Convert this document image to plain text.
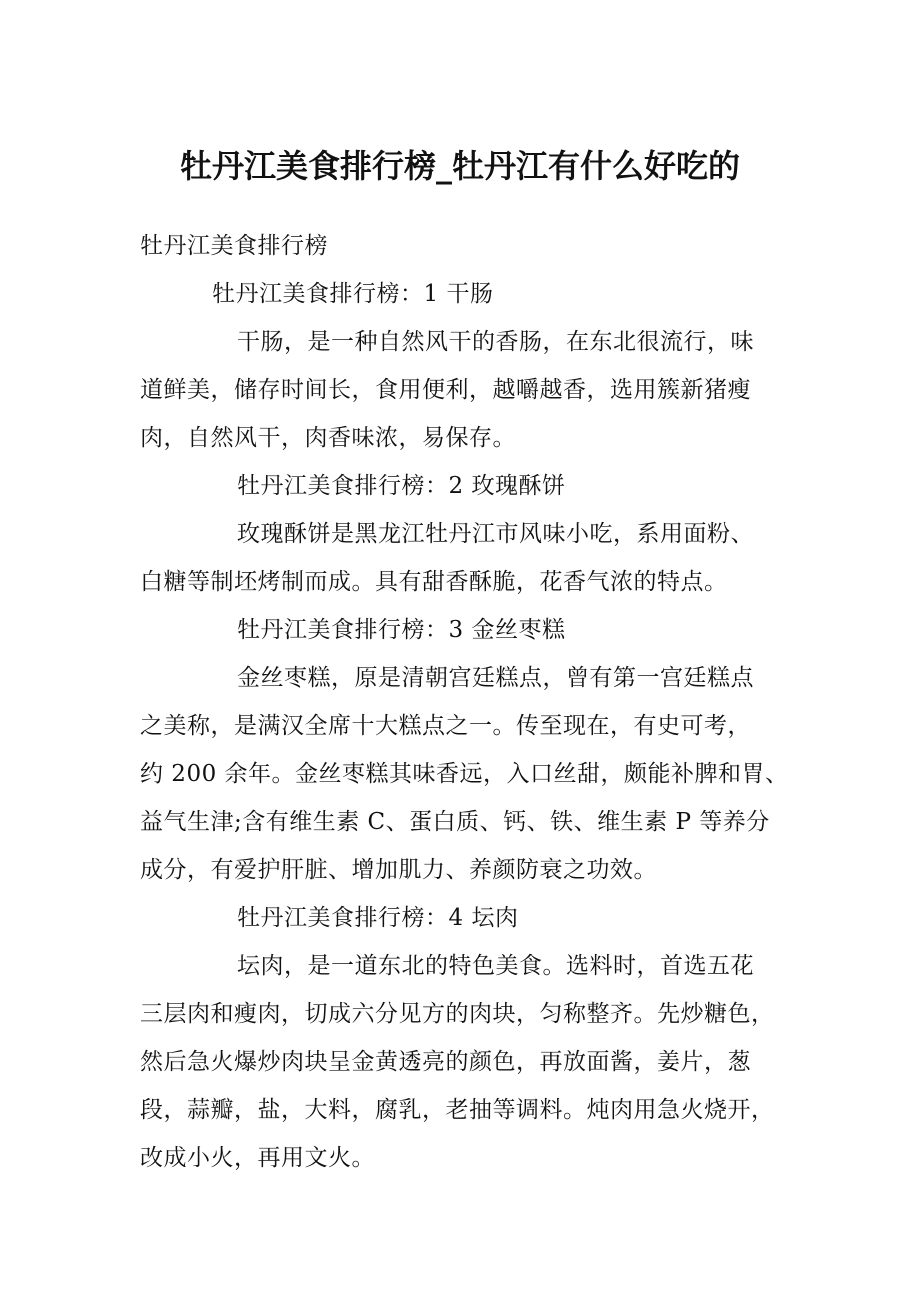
牡丹江美食排行榜_牡丹江有什么好吃的
牡丹江美食排行榜
牡丹江美食排行榜：1 干肠
干肠，是一种自然风干的香肠，在东北很流行，味
道鲜美，储存时间长，食用便利，越嚼越香，选用簇新猪瘦
肉，自然风干，肉香味浓，易保存。
牡丹江美食排行榜：2 玫瑰酥饼
玫瑰酥饼是黑龙江牡丹江市风味小吃，系用面粉、
白糖等制坯烤制而成。具有甜香酥脆，花香气浓的特点。
牡丹江美食排行榜：3 金丝枣糕
金丝枣糕，原是清朝宫廷糕点，曾有第一宫廷糕点
之美称，是满汉全席十大糕点之一。传至现在，有史可考，
约 200 余年。金丝枣糕其味香远，入口丝甜，颇能补脾和胃、
益气生津;含有维生素 C、蛋白质、钙、铁、维生素 P 等养分
成分，有爱护肝脏、增加肌力、养颜防衰之功效。
牡丹江美食排行榜：4 坛肉
坛肉，是一道东北的特色美食。选料时，首选五花
三层肉和瘦肉，切成六分见方的肉块，匀称整齐。先炒糖色，
然后急火爆炒肉块呈金黄透亮的颜色，再放面酱，姜片，葱
段，蒜瓣，盐，大料，腐乳，老抽等调料。炖肉用急火烧开，
改成小火，再用文火。
